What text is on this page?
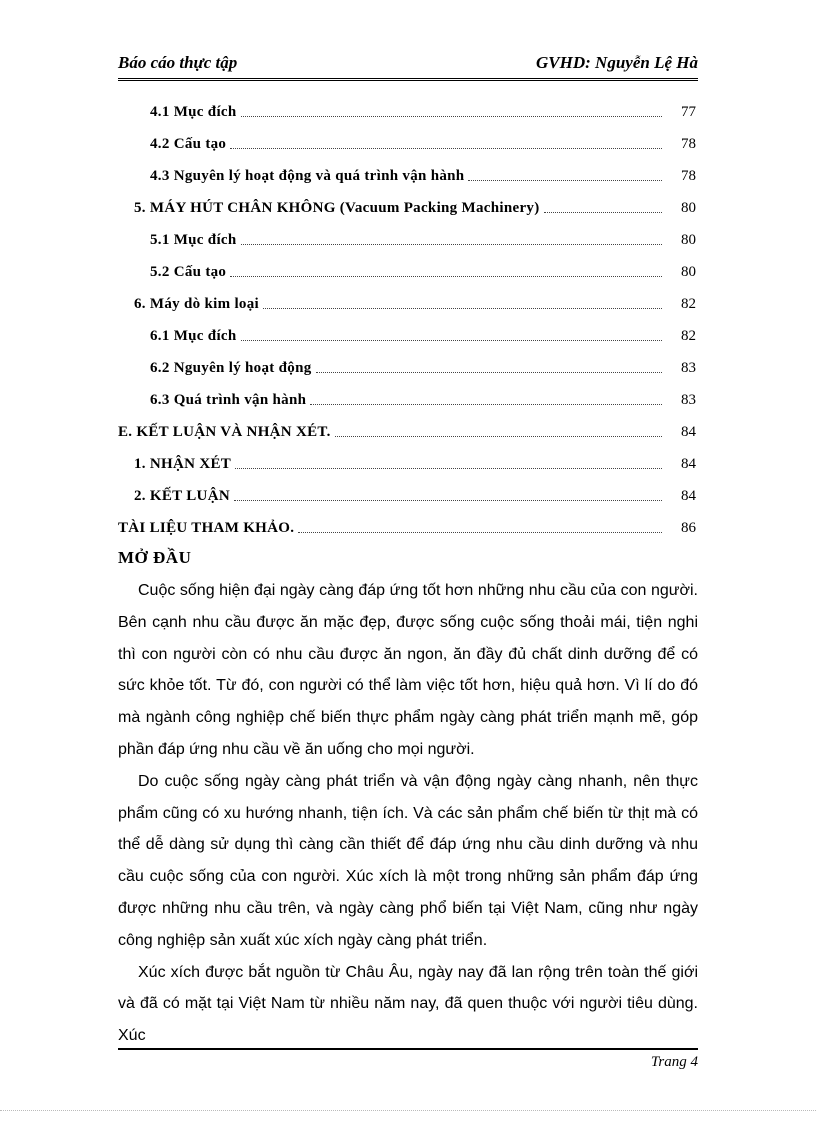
Báo cáo thực tập	GVHD: Nguyễn Lệ Hà
4.1 Mục đích	77
4.2 Cấu tạo	78
4.3 Nguyên lý hoạt động và quá trình vận hành	78
5. MÁY HÚT CHÂN KHÔNG (Vacuum Packing Machinery)	80
5.1 Mục đích	80
5.2 Cấu tạo	80
6. Máy dò kim loại	82
6.1 Mục đích	82
6.2 Nguyên lý hoạt động	83
6.3 Quá trình vận hành	83
E. KẾT LUẬN VÀ NHẬN XÉT.	84
1. NHẬN XÉT	84
2. KẾT LUẬN	84
TÀI LIỆU THAM KHẢO.	86
MỞ ĐẦU

Cuộc sống hiện đại ngày càng đáp ứng tốt hơn những nhu cầu của con người. Bên cạnh nhu cầu được ăn mặc đẹp, được sống cuộc sống thoải mái, tiện nghi thì con người còn có nhu cầu được ăn ngon, ăn đầy đủ chất dinh dưỡng để có sức khỏe tốt. Từ đó, con người có thể làm việc tốt hơn, hiệu quả hơn. Vì lí do đó mà ngành công nghiệp chế biến thực phẩm ngày càng phát triển mạnh mẽ, góp phần đáp ứng nhu cầu về ăn uống cho mọi người.

Do cuộc sống ngày càng phát triển và vận động ngày càng nhanh, nên thực phẩm cũng có xu hướng nhanh, tiện ích. Và các sản phẩm chế biến từ thịt mà có thể dễ dàng sử dụng thì càng cần thiết để đáp ứng nhu cầu dinh dưỡng và nhu cầu cuộc sống của con người. Xúc xích là một trong những sản phẩm đáp ứng được những nhu cầu trên, và ngày càng phổ biến tại Việt Nam, cũng như ngày công nghiệp sản xuất xúc xích ngày càng phát triển.

Xúc xích được bắt nguồn từ Châu Âu, ngày nay đã lan rộng trên toàn thế giới và đã có mặt tại Việt Nam từ nhiều năm nay, đã quen thuộc với người tiêu dùng. Xúc

Trang 4
